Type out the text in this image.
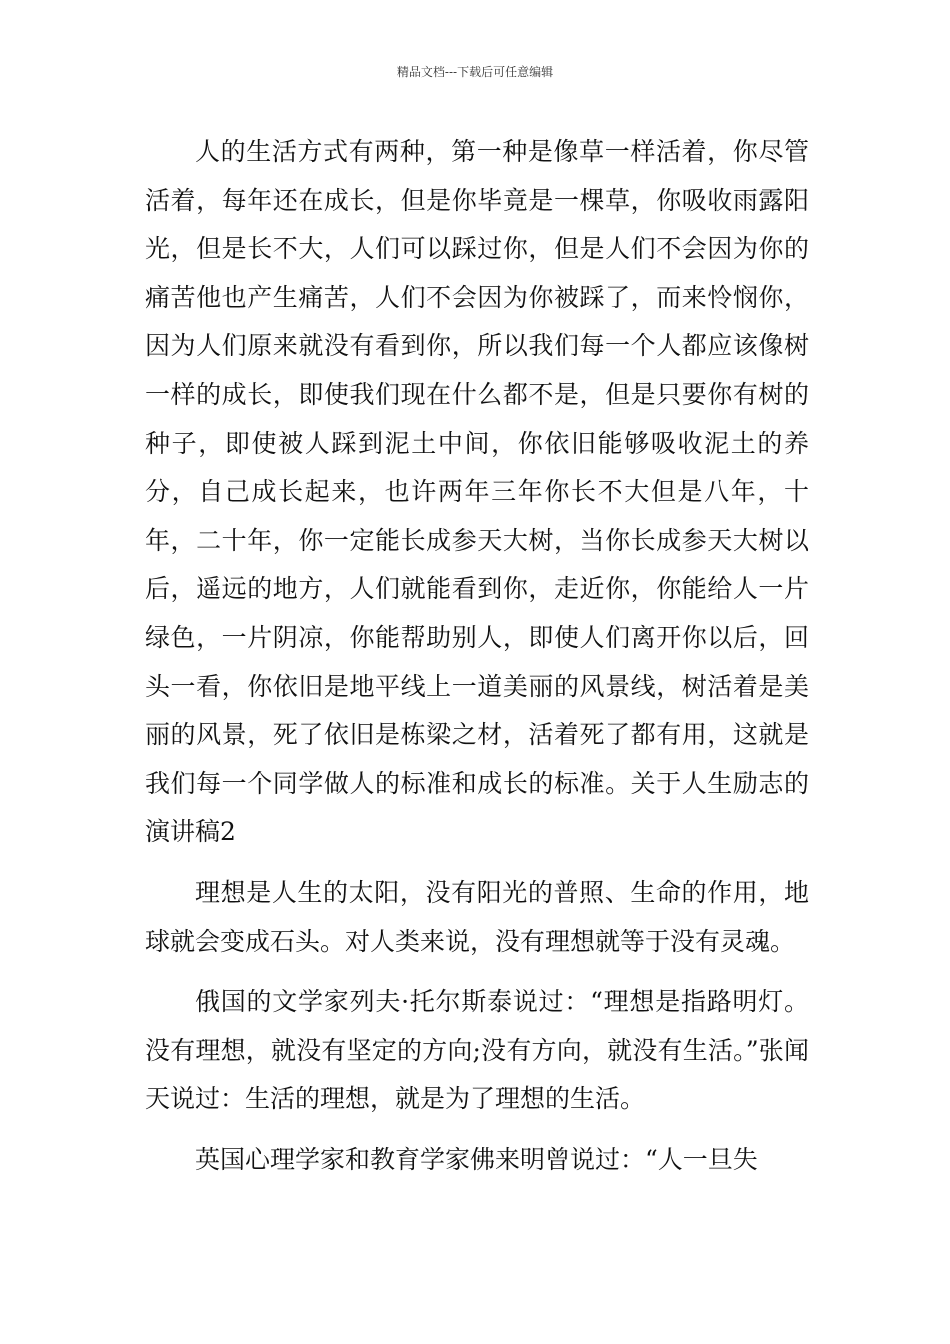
精品文档---下载后可任意编辑

人的生活方式有两种，第一种是像草一样活着，你尽管活着，每年还在成长，但是你毕竟是一棵草，你吸收雨露阳光，但是长不大，人们可以踩过你，但是人们不会因为你的痛苦他也产生痛苦，人们不会因为你被踩了，而来怜悯你，因为人们原来就没有看到你，所以我们每一个人都应该像树一样的成长，即使我们现在什么都不是，但是只要你有树的种子，即使被人踩到泥土中间，你依旧能够吸收泥土的养分，自己成长起来，也许两年三年你长不大但是八年，十年，二十年，你一定能长成参天大树，当你长成参天大树以后，遥远的地方，人们就能看到你，走近你，你能给人一片绿色，一片阴凉，你能帮助别人，即使人们离开你以后，回头一看，你依旧是地平线上一道美丽的风景线，树活着是美丽的风景，死了依旧是栋梁之材，活着死了都有用，这就是我们每一个同学做人的标准和成长的标准。关于人生励志的演讲稿2

理想是人生的太阳，没有阳光的普照、生命的作用，地球就会变成石头。对人类来说，没有理想就等于没有灵魂。

俄国的文学家列夫·托尔斯泰说过：“理想是指路明灯。没有理想，就没有坚定的方向;没有方向，就没有生活。”张闻天说过：生活的理想，就是为了理想的生活。

英国心理学家和教育学家佛来明曾说过：“人一旦失
